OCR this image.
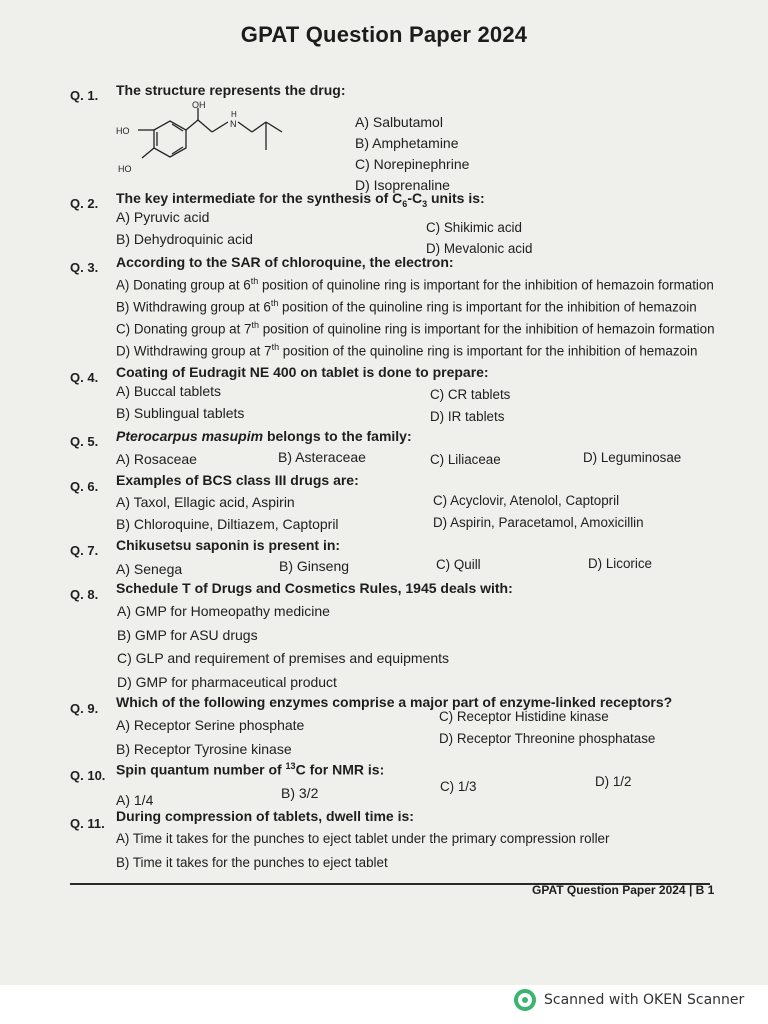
GPAT Question Paper 2024
Q. 1. The structure represents the drug:
OH
N
H
HO
HO
A) Salbutamol
B) Amphetamine
C) Norepinephrine
D) Isoprenaline
Q. 2. The key intermediate for the synthesis of $C_6-C_3$ units is:
A) Pyruvic acid
B) Dehydroquinic acid
C) Shikimic acid
D) Mevalonic acid
Q. 3. According to the SAR of chloroquine, the electron:
A) Donating group at 6th position of quinoline ring is important for the inhibition of hemazoin formation
B) Withdrawing group at 6th position of the quinoline ring is important for the inhibition of hemazoin
C) Donating group at 7th position of quinoline ring is important for the inhibition of hemazoin formation
D) Withdrawing group at 7th position of the quinoline ring is important for the inhibition of hemazoin
Q. 4. Coating of Eudragit NE 400 on tablet is done to prepare:
A) Buccal tablets
B) Sublingual tablets
C) CR tablets
D) IR tablets
Q. 5. Pterocarpus masupim belongs to the family:
A) Rosaceae	B) Asteraceae	C) Liliaceae	D) Leguminosae
Q. 6. Examples of BCS class III drugs are:
A) Taxol, Ellagic acid, Aspirin
B) Chloroquine, Diltiazem, Captopril
C) Acyclovir, Atenolol, Captopril
D) Aspirin, Paracetamol, Amoxicillin
Q. 7. Chikusetsu saponin is present in:
A) Senega	B) Ginseng	C) Quill	D) Licorice
Q. 8. Schedule T of Drugs and Cosmetics Rules, 1945 deals with:
A) GMP for Homeopathy medicine
B) GMP for ASU drugs
C) GLP and requirement of premises and equipments
D) GMP for pharmaceutical product
Q. 9. Which of the following enzymes comprise a major part of enzyme-linked receptors?
A) Receptor Serine phosphate
B) Receptor Tyrosine kinase
C) Receptor Histidine kinase
D) Receptor Threonine phosphatase
Q. 10. Spin quantum number of $^{13}$C for NMR is:
A) 1/4	B) 3/2	C) 1/3	D) 1/2
Q. 11. During compression of tablets, dwell time is:
A) Time it takes for the punches to eject tablet under the primary compression roller
B) Time it takes for the punches to eject tablet
GPAT Question Paper 2024 | B 1
Scanned with OKEN Scanner
